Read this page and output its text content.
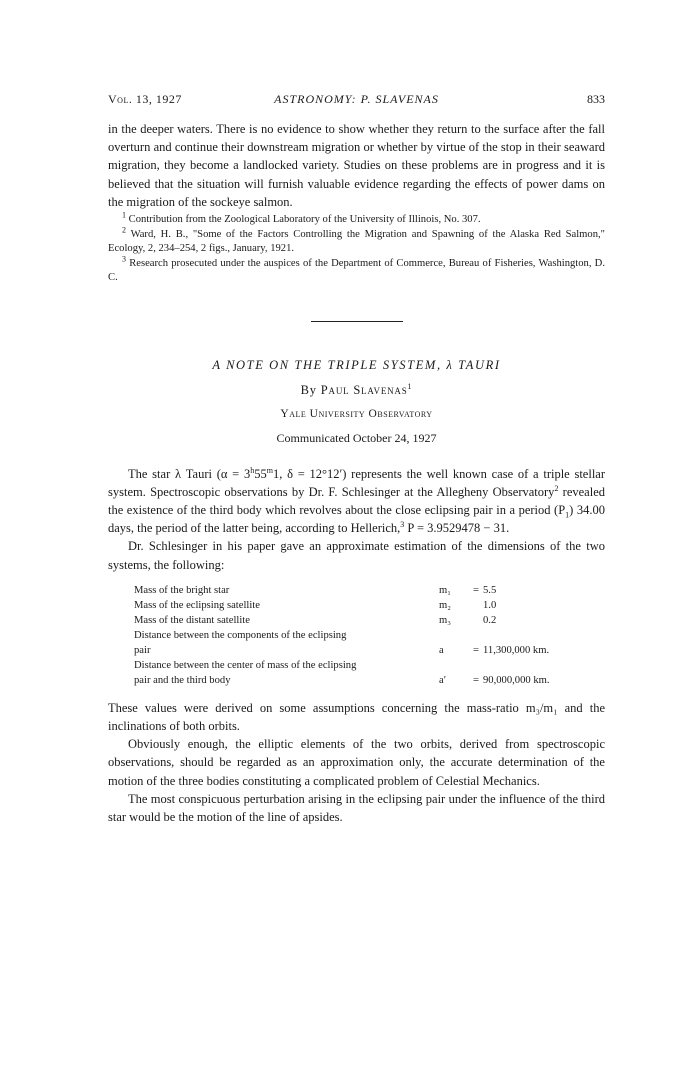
Vol. 13, 1927	ASTRONOMY: P. SLAVENAS	833

in the deeper waters. There is no evidence to show whether they return to the surface after the fall overturn and continue their downstream migration or whether by virtue of the stop in their seaward migration, they become a landlocked variety. Studies on these problems are in progress and it is believed that the situation will furnish valuable evidence regarding the effects of power dams on the migration of the sockeye salmon.

$^1$ Contribution from the Zoological Laboratory of the University of Illinois, No. 307.

$^2$ Ward, H. B., "Some of the Factors Controlling the Migration and Spawning of the Alaska Red Salmon," Ecology, 2, 234–254, 2 figs., January, 1921.

$^3$ Research prosecuted under the auspices of the Department of Commerce, Bureau of Fisheries, Washington, D. C.

A NOTE ON THE TRIPLE SYSTEM, λ TAURI
By Paul Slavenas$^1$
Yale University Observatory
Communicated October 24, 1927

The star λ Tauri ($\alpha = 3^h55^m1$, δ = 12°12′) represents the well known case of a triple stellar system. Spectroscopic observations by Dr. F. Schlesinger at the Allegheny Observatory$^2$ revealed the existence of the third body which revolves about the close eclipsing pair in a period $(P_1)$ 34.00 days, the period of the latter being, according to Hellerich,$^3$ P = 3.9529478 − 31.

Dr. Schlesinger in his paper gave an approximate estimation of the dimensions of the two systems, the following:

Mass of the bright star	m₁	=	5.5
Mass of the eclipsing satellite	m₂		1.0
Mass of the distant satellite	m₃		0.2
Distance between the components of the eclipsing			
pair	a	=	11,300,000 km.
Distance between the center of mass of the eclipsing			
pair and the third body	a′	=	90,000,000 km.

These values were derived on some assumptions concerning the mass-ratio m₃/m₁ and the inclinations of both orbits.

Obviously enough, the elliptic elements of the two orbits, derived from spectroscopic observations, should be regarded as an approximation only, the accurate determination of the motion of the three bodies constituting a complicated problem of Celestial Mechanics.

The most conspicuous perturbation arising in the eclipsing pair under the influence of the third star would be the motion of the line of apsides.
